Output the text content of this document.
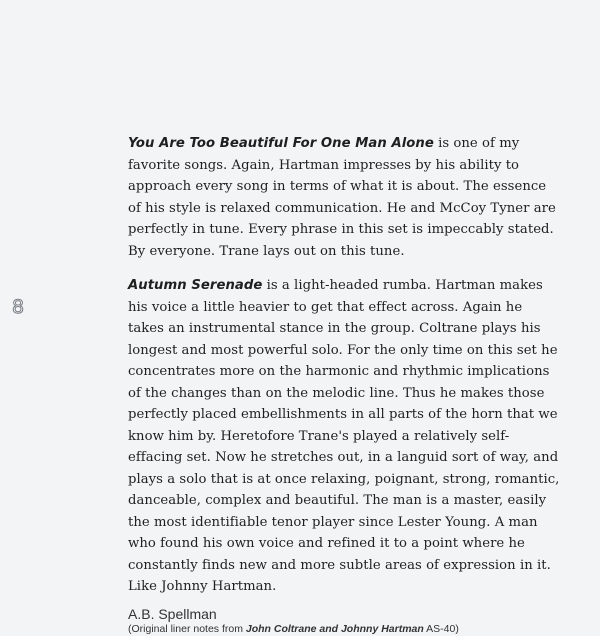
8

You Are Too Beautiful For One Man Alone is one of my favorite songs. Again, Hartman impresses by his ability to approach every song in terms of what it is about. The essence of his style is relaxed communication. He and McCoy Tyner are perfectly in tune. Every phrase in this set is impeccably stated. By everyone. Trane lays out on this tune.

Autumn Serenade is a light-headed rumba. Hartman makes his voice a little heavier to get that effect across. Again he takes an instrumental stance in the group. Coltrane plays his longest and most powerful solo. For the only time on this set he concentrates more on the harmonic and rhythmic implications of the changes than on the melodic line. Thus he makes those perfectly placed embellishments in all parts of the horn that we know him by. Heretofore Trane's played a relatively self-effacing set. Now he stretches out, in a languid sort of way, and plays a solo that is at once relaxing, poignant, strong, romantic, danceable, complex and beautiful. The man is a master, easily the most identifiable tenor player since Lester Young. A man who found his own voice and refined it to a point where he constantly finds new and more subtle areas of expression in it. Like Johnny Hartman.

A.B. Spellman
(Original liner notes from John Coltrane and Johnny Hartman AS-40)
